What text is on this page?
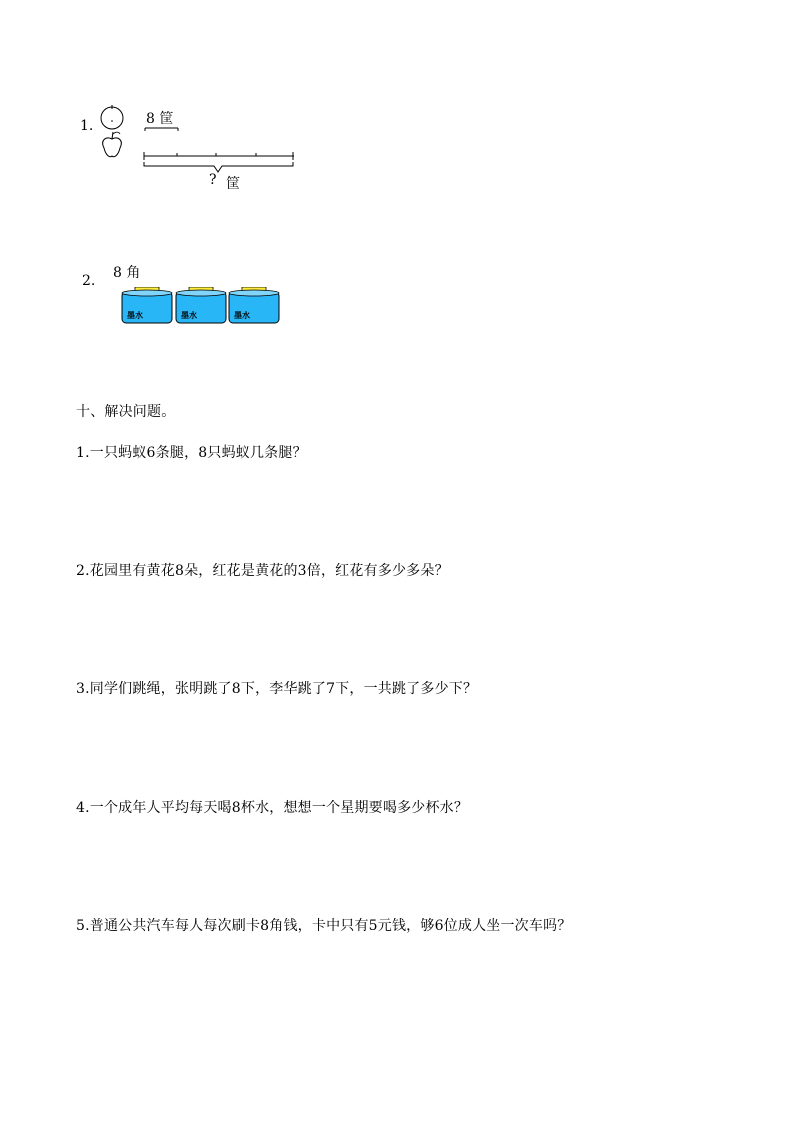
1.	8 筐
? 筐
2. 8 角
墨水	墨水	墨水
十、解决问题。
1.一只蚂蚁6条腿，8只蚂蚁几条腿？
2.花园里有黄花8朵，红花是黄花的3倍，红花有多少多朵？
3.同学们跳绳，张明跳了8下，李华跳了7下，一共跳了多少下？
4.一个成年人平均每天喝8杯水，想想一个星期要喝多少杯水？
5.普通公共汽车每人每次刷卡8角钱，卡中只有5元钱，够6位成人坐一次车吗？
